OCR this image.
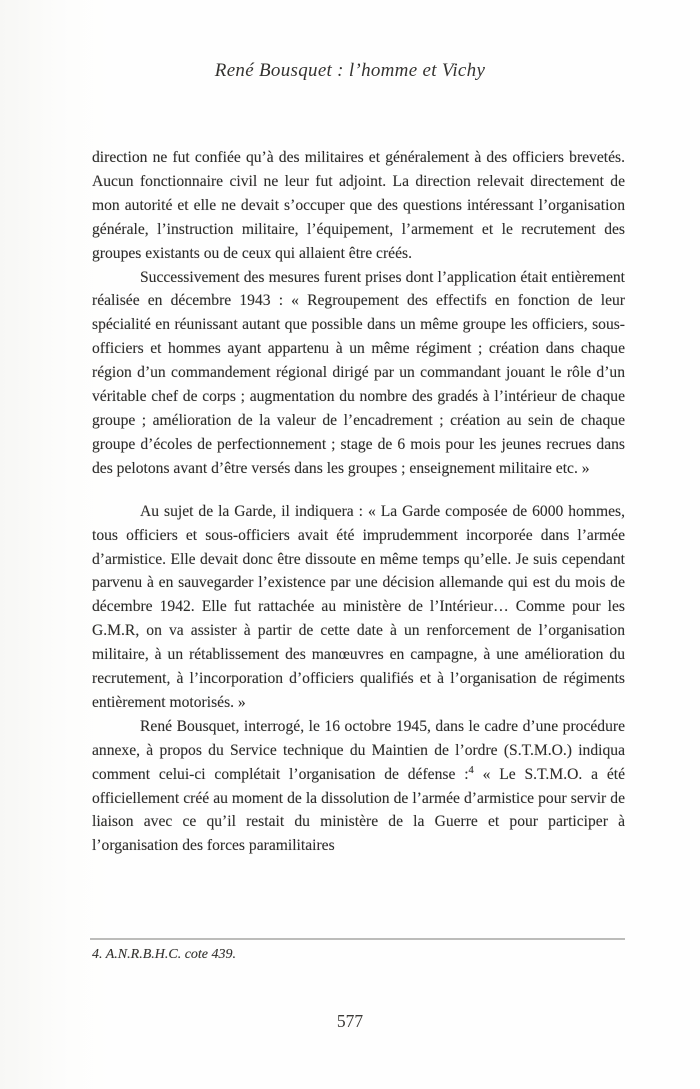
René Bousquet : l’homme et Vichy

direction ne fut confiée qu’à des militaires et généralement à des officiers brevetés. Aucun fonctionnaire civil ne leur fut adjoint. La direction relevait directement de mon autorité et elle ne devait s’occuper que des questions intéressant l’organisation générale, l’instruction militaire, l’équipement, l’armement et le recrutement des groupes existants ou de ceux qui allaient être créés.

Successivement des mesures furent prises dont l’application était entièrement réalisée en décembre 1943 : « Regroupement des effectifs en fonction de leur spécialité en réunissant autant que possible dans un même groupe les officiers, sous-officiers et hommes ayant appartenu à un même régiment ; création dans chaque région d’un commandement régional dirigé par un commandant jouant le rôle d’un véritable chef de corps ; augmentation du nombre des gradés à l’intérieur de chaque groupe ; amélioration de la valeur de l’encadrement ; création au sein de chaque groupe d’écoles de perfectionnement ; stage de 6 mois pour les jeunes recrues dans des pelotons avant d’être versés dans les groupes ; enseignement militaire etc. »

Au sujet de la Garde, il indiquera : « La Garde composée de 6000 hommes, tous officiers et sous-officiers avait été imprudemment incorporée dans l’armée d’armistice. Elle devait donc être dissoute en même temps qu’elle. Je suis cependant parvenu à en sauvegarder l’existence par une décision allemande qui est du mois de décembre 1942. Elle fut rattachée au ministère de l’Intérieur… Comme pour les G.M.R, on va assister à partir de cette date à un renforcement de l’organisation militaire, à un rétablissement des manœuvres en campagne, à une amélioration du recrutement, à l’incorporation d’officiers qualifiés et à l’organisation de régiments entièrement motorisés. »

René Bousquet, interrogé, le 16 octobre 1945, dans le cadre d’une procédure annexe, à propos du Service technique du Maintien de l’ordre (S.T.M.O.) indiqua comment celui-ci complétait l’organisation de défense :$^4$ « Le S.T.M.O. a été officiellement créé au moment de la dissolution de l’armée d’armistice pour servir de liaison avec ce qu’il restait du ministère de la Guerre et pour participer à l’organisation des forces paramilitaires

4. A.N.R.B.H.C. cote 439.
577
